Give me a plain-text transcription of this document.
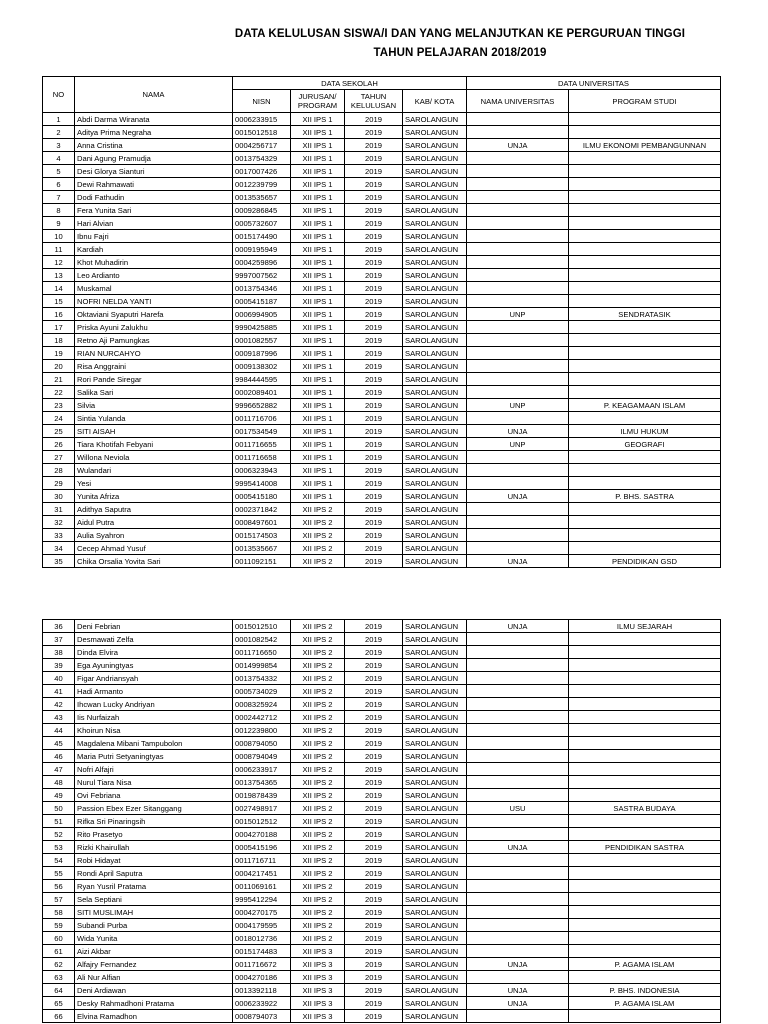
DATA KELULUSAN SISWA/I DAN YANG MELANJUTKAN KE PERGURUAN TINGGI
TAHUN PELAJARAN 2018/2019
NO	NAMA	DATA SEKOLAH				DATA UNIVERSITAS	
		NISN	JURUSAN/ PROGRAM	TAHUN KELULUSAN	KAB/ KOTA	NAMA UNIVERSITAS	PROGRAM STUDI
1	Abdi Darma Wiranata	0006233915	XII IPS 1	2019	SAROLANGUN		
2	Aditya Prima Negraha	0015012518	XII IPS 1	2019	SAROLANGUN		
3	Anna Cristina	0004256717	XII IPS 1	2019	SAROLANGUN	UNJA	ILMU EKONOMI PEMBANGUNNAN
4	Dani Agung Pramudja	0013754329	XII IPS 1	2019	SAROLANGUN		
5	Desi Glorya Sianturi	0017007426	XII IPS 1	2019	SAROLANGUN		
6	Dewi Rahmawati	0012239799	XII IPS 1	2019	SAROLANGUN		
7	Dodi Fathudin	0013535657	XII IPS 1	2019	SAROLANGUN		
8	Fera Yunita Sari	0009286845	XII IPS 1	2019	SAROLANGUN		
9	Hari Alvian	0005732607	XII IPS 1	2019	SAROLANGUN		
10	Ibnu Fajri	0015174490	XII IPS 1	2019	SAROLANGUN		
11	Kardiah	0009195949	XII IPS 1	2019	SAROLANGUN		
12	Khot Muhadirin	0004259896	XII IPS 1	2019	SAROLANGUN		
13	Leo Ardianto	9997007562	XII IPS 1	2019	SAROLANGUN		
14	Muskamal	0013754346	XII IPS 1	2019	SAROLANGUN		
15	NOFRI NELDA YANTI	0005415187	XII IPS 1	2019	SAROLANGUN		
16	Oktaviani Syaputri Harefa	0006994905	XII IPS 1	2019	SAROLANGUN	UNP	SENDRATASIK
17	Priska Ayuni Zalukhu	9990425885	XII IPS 1	2019	SAROLANGUN		
18	Retno Aji Pamungkas	0001082557	XII IPS 1	2019	SAROLANGUN		
19	RIAN NURCAHYO	0009187996	XII IPS 1	2019	SAROLANGUN		
20	Risa Anggraini	0009138302	XII IPS 1	2019	SAROLANGUN		
21	Rori Pande Siregar	9984444595	XII IPS 1	2019	SAROLANGUN		
22	Salika Sari	0002089401	XII IPS 1	2019	SAROLANGUN		
23	Silvia	9996652882	XII IPS 1	2019	SAROLANGUN	UNP	P. KEAGAMAAN ISLAM
24	Sintia Yulanda	0011716706	XII IPS 1	2019	SAROLANGUN		
25	SITI AISAH	0017534549	XII IPS 1	2019	SAROLANGUN	UNJA	ILMU HUKUM
26	Tiara Khotifah Febyani	0011716655	XII IPS 1	2019	SAROLANGUN	UNP	GEOGRAFI
27	Willona Neviola	0011716658	XII IPS 1	2019	SAROLANGUN		
28	Wulandari	0006323943	XII IPS 1	2019	SAROLANGUN		
29	Yesi	9995414008	XII IPS 1	2019	SAROLANGUN		
30	Yunita Afriza	0005415180	XII IPS 1	2019	SAROLANGUN	UNJA	P. BHS. SASTRA
31	Adithya Saputra	0002371842	XII IPS 2	2019	SAROLANGUN		
32	Aidul Putra	0008497601	XII IPS 2	2019	SAROLANGUN		
33	Aulia Syahron	0015174503	XII IPS 2	2019	SAROLANGUN		
34	Cecep Ahmad Yusuf	0013535667	XII IPS 2	2019	SAROLANGUN		
35	Chika Orsalia Yovita Sari	0011092151	XII IPS 2	2019	SAROLANGUN	UNJA	PENDIDIKAN GSD
36	Deni Febrian	0015012510	XII IPS 2	2019	SAROLANGUN	UNJA	ILMU SEJARAH
37	Desmawati Zelfa	0001082542	XII IPS 2	2019	SAROLANGUN		
38	Dinda Elvira	0011716650	XII IPS 2	2019	SAROLANGUN		
39	Ega Ayuningtyas	0014999854	XII IPS 2	2019	SAROLANGUN		
40	Figar Andriansyah	0013754332	XII IPS 2	2019	SAROLANGUN		
41	Hadi Armanto	0005734029	XII IPS 2	2019	SAROLANGUN		
42	Ihcwan Lucky Andriyan	0008325924	XII IPS 2	2019	SAROLANGUN		
43	Iis Nurfaizah	0002442712	XII IPS 2	2019	SAROLANGUN		
44	Khoirun Nisa	0012239800	XII IPS 2	2019	SAROLANGUN		
45	Magdalena Mibani Tampubolon	0008794050	XII IPS 2	2019	SAROLANGUN		
46	Maria Putri Setyaningtyas	0008794049	XII IPS 2	2019	SAROLANGUN		
47	Nofri Alfajri	0006233917	XII IPS 2	2019	SAROLANGUN		
48	Nurul Tiara Nisa	0013754365	XII IPS 2	2019	SAROLANGUN		
49	Ovi Febriana	0019878439	XII IPS 2	2019	SAROLANGUN		
50	Passion Ebex Ezer Sitanggang	0027498917	XII IPS 2	2019	SAROLANGUN	USU	SASTRA BUDAYA
51	Rifka Sri Pinaringsih	0015012512	XII IPS 2	2019	SAROLANGUN		
52	Rito Prasetyo	0004270188	XII IPS 2	2019	SAROLANGUN		
53	Rizki Khairullah	0005415196	XII IPS 2	2019	SAROLANGUN	UNJA	PENDIDIKAN SASTRA
54	Robi Hidayat	0011716711	XII IPS 2	2019	SAROLANGUN		
55	Rondi April Saputra	0004217451	XII IPS 2	2019	SAROLANGUN		
56	Ryan Yusril Pratama	0011069161	XII IPS 2	2019	SAROLANGUN		
57	Sela Septiani	9995412294	XII IPS 2	2019	SAROLANGUN		
58	SITI MUSLIMAH	0004270175	XII IPS 2	2019	SAROLANGUN		
59	Subandi Purba	0004179595	XII IPS 2	2019	SAROLANGUN		
60	Wida Yunita	0018012736	XII IPS 2	2019	SAROLANGUN		
61	Aizi Akbar	0015174483	XII IPS 3	2019	SAROLANGUN		
62	Alfajry Fernandez	0011716672	XII IPS 3	2019	SAROLANGUN	UNJA	P. AGAMA ISLAM
63	Ali Nur Alfian	0004270186	XII IPS 3	2019	SAROLANGUN		
64	Deni Ardiawan	0013392118	XII IPS 3	2019	SAROLANGUN	UNJA	P. BHS. INDONESIA
65	Desky Rahmadhoni Pratama	0006233922	XII IPS 3	2019	SAROLANGUN	UNJA	P. AGAMA ISLAM
66	Elvina Ramadhon	0008794073	XII IPS 3	2019	SAROLANGUN		
